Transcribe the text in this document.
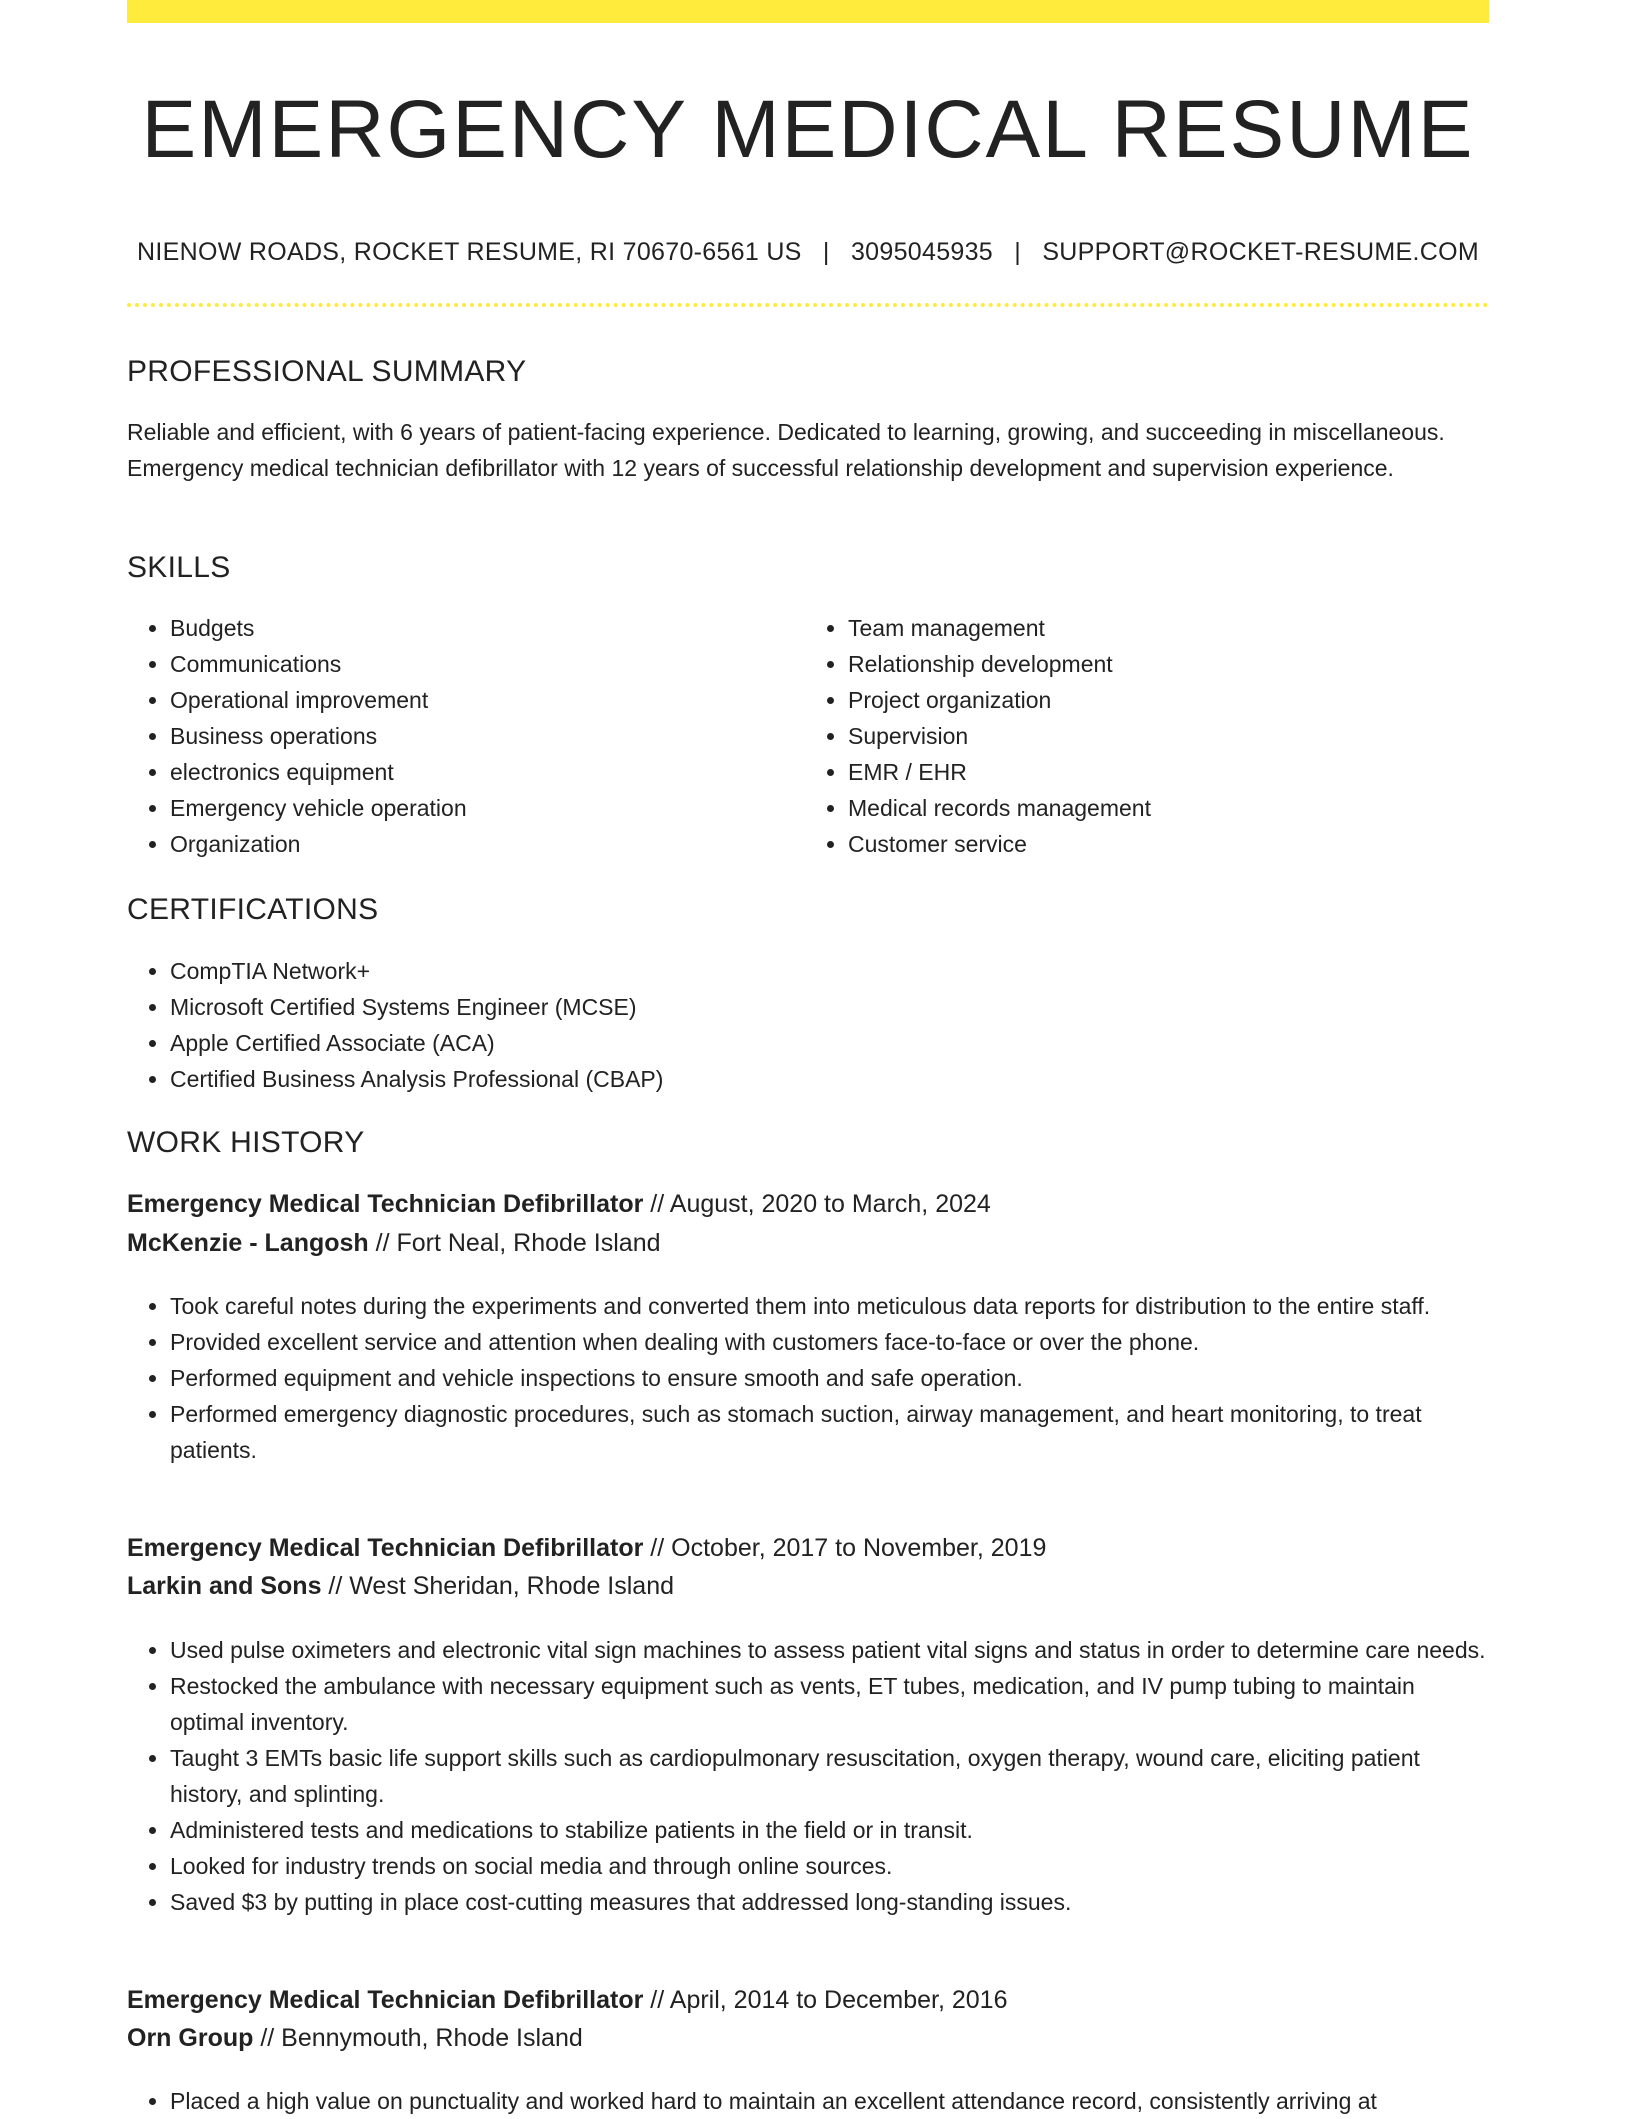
EMERGENCY MEDICAL RESUME
NIENOW ROADS, ROCKET RESUME, RI 70670-6561 US | 3095045935 | SUPPORT@ROCKET-RESUME.COM
PROFESSIONAL SUMMARY

Reliable and efficient, with 6 years of patient-facing experience. Dedicated to learning, growing, and succeeding in miscellaneous. Emergency medical technician defibrillator with 12 years of successful relationship development and supervision experience.

SKILLS
• Budgets
• Communications
• Operational improvement
• Business operations
• electronics equipment
• Emergency vehicle operation
• Organization
• Team management
• Relationship development
• Project organization
• Supervision
• EMR / EHR
• Medical records management
• Customer service
CERTIFICATIONS
• CompTIA Network+
• Microsoft Certified Systems Engineer (MCSE)
• Apple Certified Associate (ACA)
• Certified Business Analysis Professional (CBAP)
WORK HISTORY

Emergency Medical Technician Defibrillator // August, 2020 to March, 2024

McKenzie - Langosh // Fort Neal, Rhode Island

• Took careful notes during the experiments and converted them into meticulous data reports for distribution to the entire staff.
• Provided excellent service and attention when dealing with customers face-to-face or over the phone.
• Performed equipment and vehicle inspections to ensure smooth and safe operation.
• Performed emergency diagnostic procedures, such as stomach suction, airway management, and heart monitoring, to treat patients.

Emergency Medical Technician Defibrillator // October, 2017 to November, 2019

Larkin and Sons // West Sheridan, Rhode Island

• Used pulse oximeters and electronic vital sign machines to assess patient vital signs and status in order to determine care needs.
• Restocked the ambulance with necessary equipment such as vents, ET tubes, medication, and IV pump tubing to maintain optimal inventory.
• Taught 3 EMTs basic life support skills such as cardiopulmonary resuscitation, oxygen therapy, wound care, eliciting patient history, and splinting.
• Administered tests and medications to stabilize patients in the field or in transit.
• Looked for industry trends on social media and through online sources.
• Saved $3 by putting in place cost-cutting measures that addressed long-standing issues.

Emergency Medical Technician Defibrillator // April, 2014 to December, 2016

Orn Group // Bennymouth, Rhode Island

• Placed a high value on punctuality and worked hard to maintain an excellent attendance record, consistently arriving at
